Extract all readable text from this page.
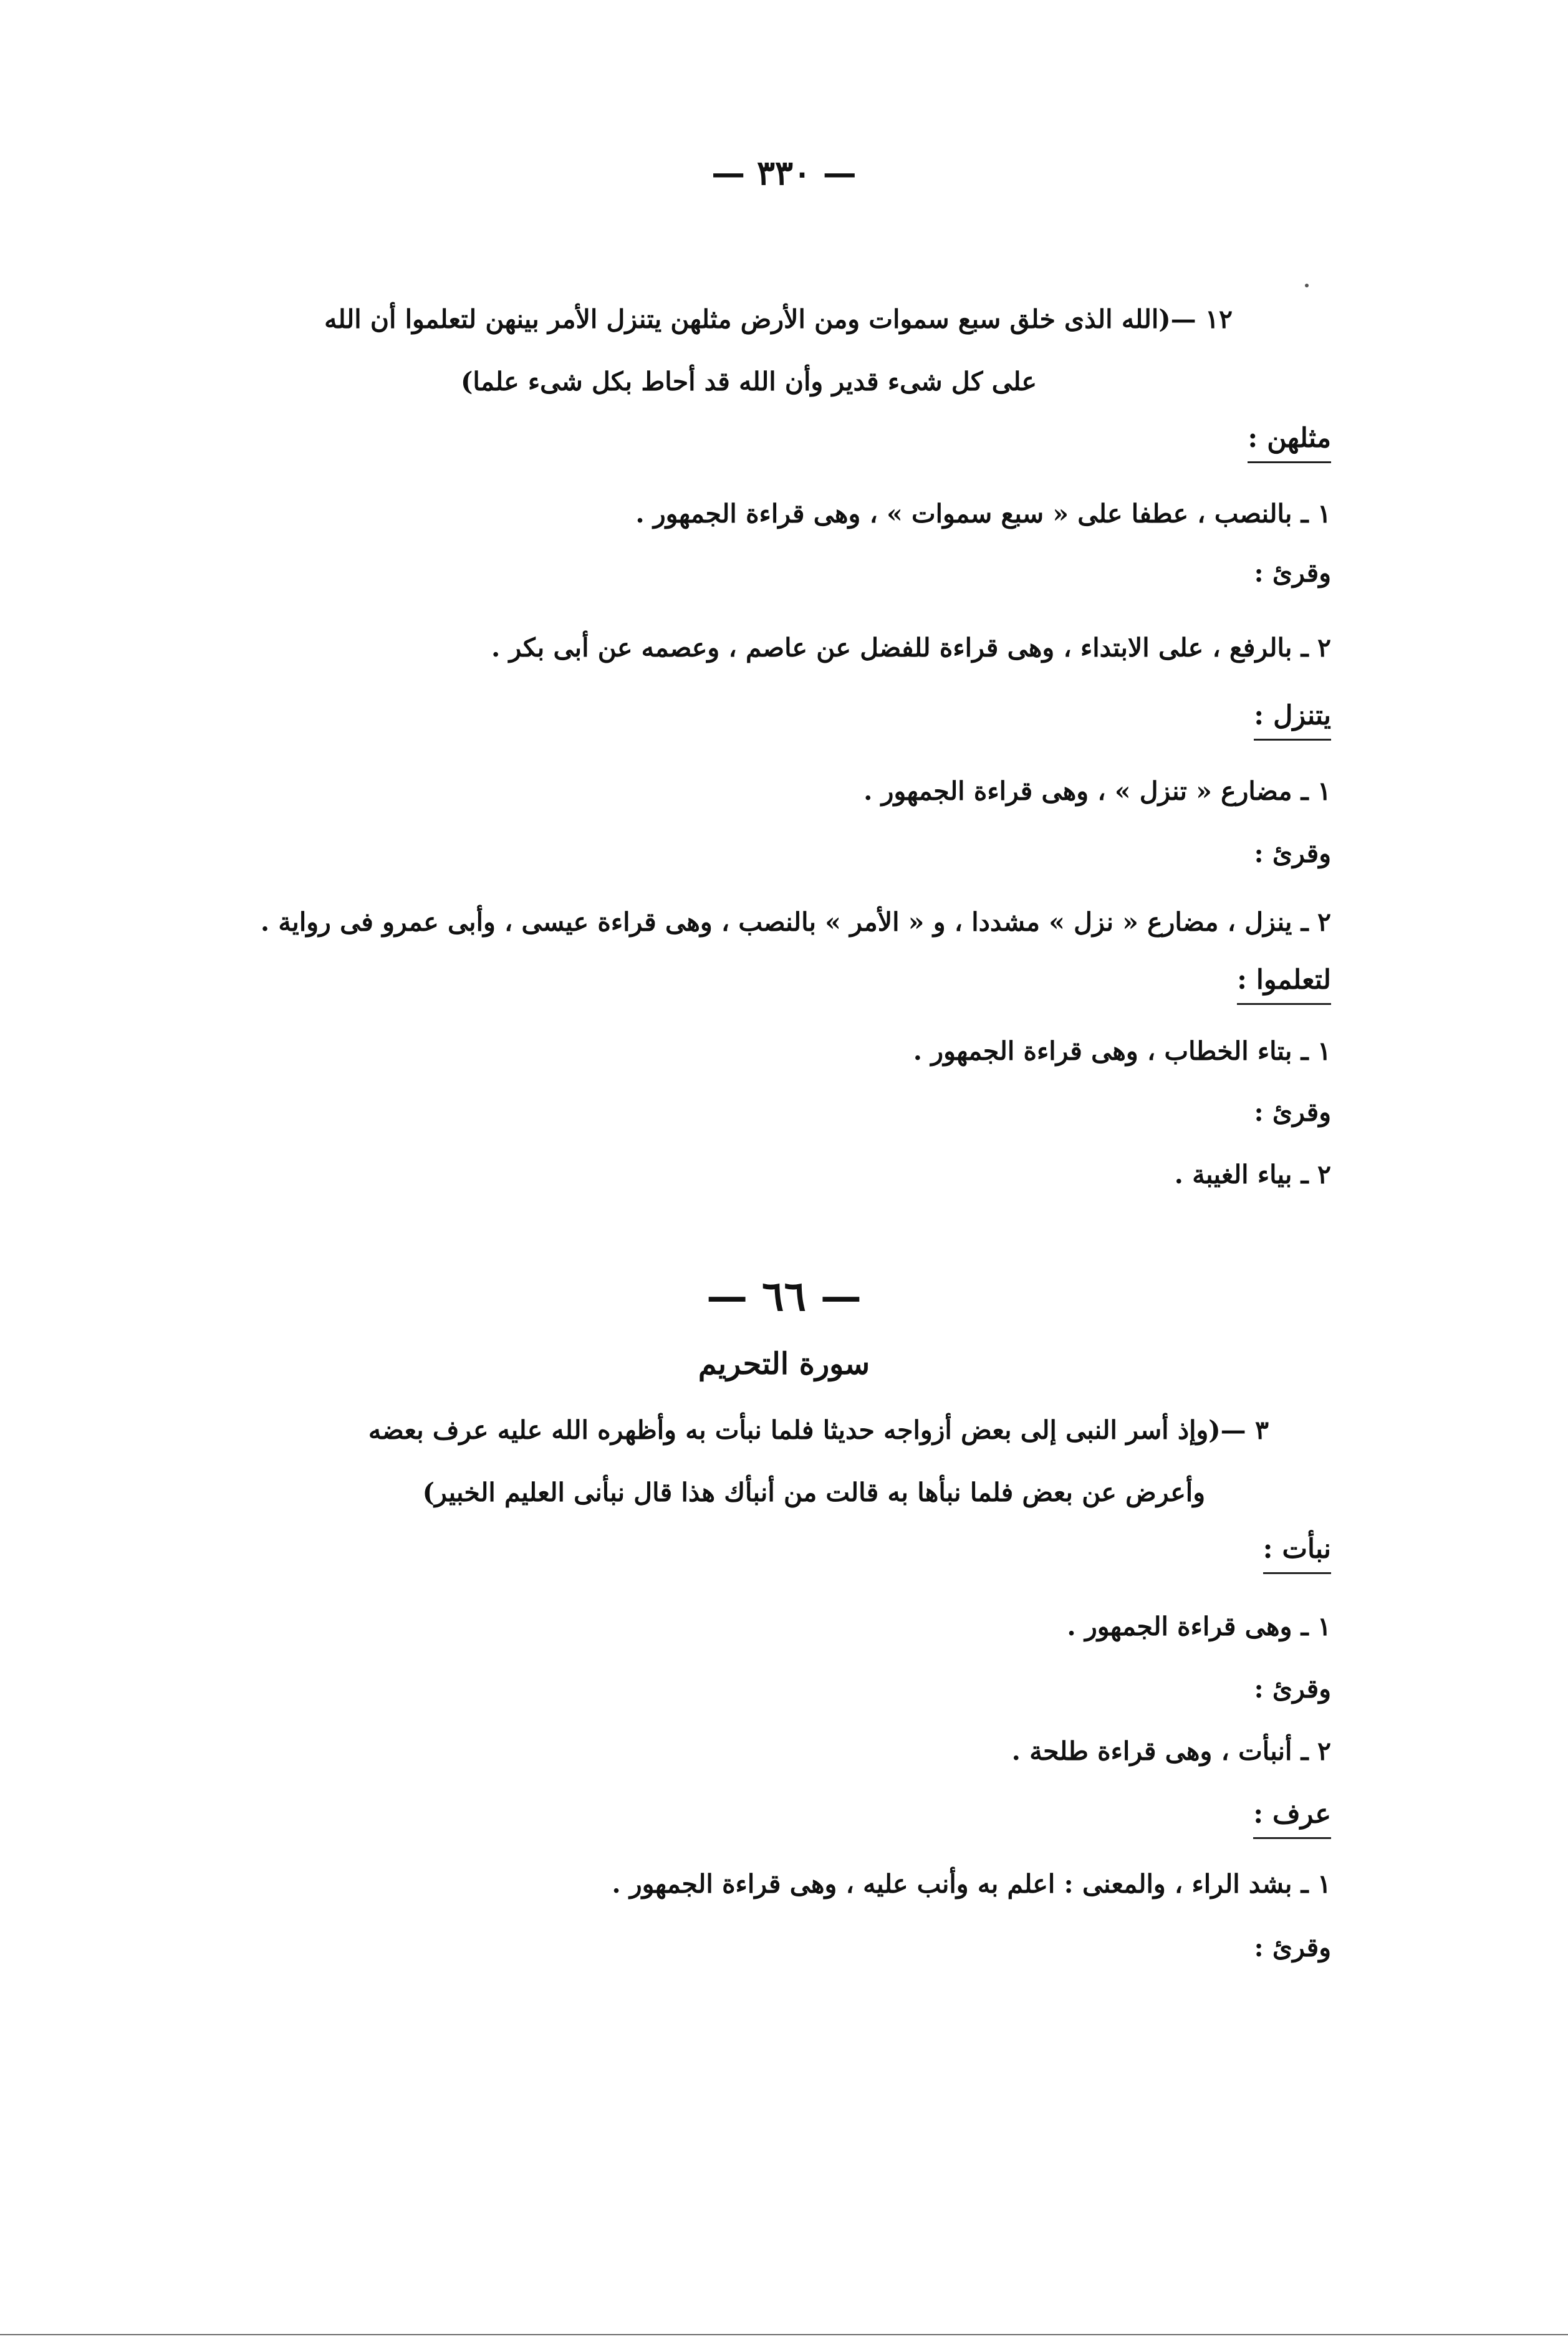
— ٣٣٠ —
١٢ —(الله الذى خلق سبع سموات ومن الأرض مثلهن يتنزل الأمر بينهن لتعلموا أن الله
على كل شىء قدير وأن الله قد أحاط بكل شىء علما)
مثلهن :
١ ـ بالنصب ، عطفا على « سبع سموات » ، وهى قراءة الجمهور .
وقرئ :
٢ ـ بالرفع ، على الابتداء ، وهى قراءة للفضل عن عاصم ، وعصمه عن أبى بكر .
يتنزل :
١ ـ مضارع « تنزل » ، وهى قراءة الجمهور .
وقرئ :
٢ ـ ينزل ، مضارع « نزل » مشددا ، و « الأمر » بالنصب ، وهى قراءة عيسى ، وأبى عمرو فى رواية .
لتعلموا :
١ ـ بتاء الخطاب ، وهى قراءة الجمهور .
وقرئ :
٢ ـ بياء الغيبة .
— ٦٦ —
سورة التحريم
٣ —(وإذ أسر النبى إلى بعض أزواجه حديثا فلما نبأت به وأظهره الله عليه عرف بعضه
وأعرض عن بعض فلما نبأها به قالت من أنبأك هذا قال نبأنى العليم الخبير)
نبأت :
١ ـ وهى قراءة الجمهور .
وقرئ :
٢ ـ أنبأت ، وهى قراءة طلحة .
عرف :
١ ـ بشد الراء ، والمعنى : اعلم به وأنب عليه ، وهى قراءة الجمهور .
وقرئ :
